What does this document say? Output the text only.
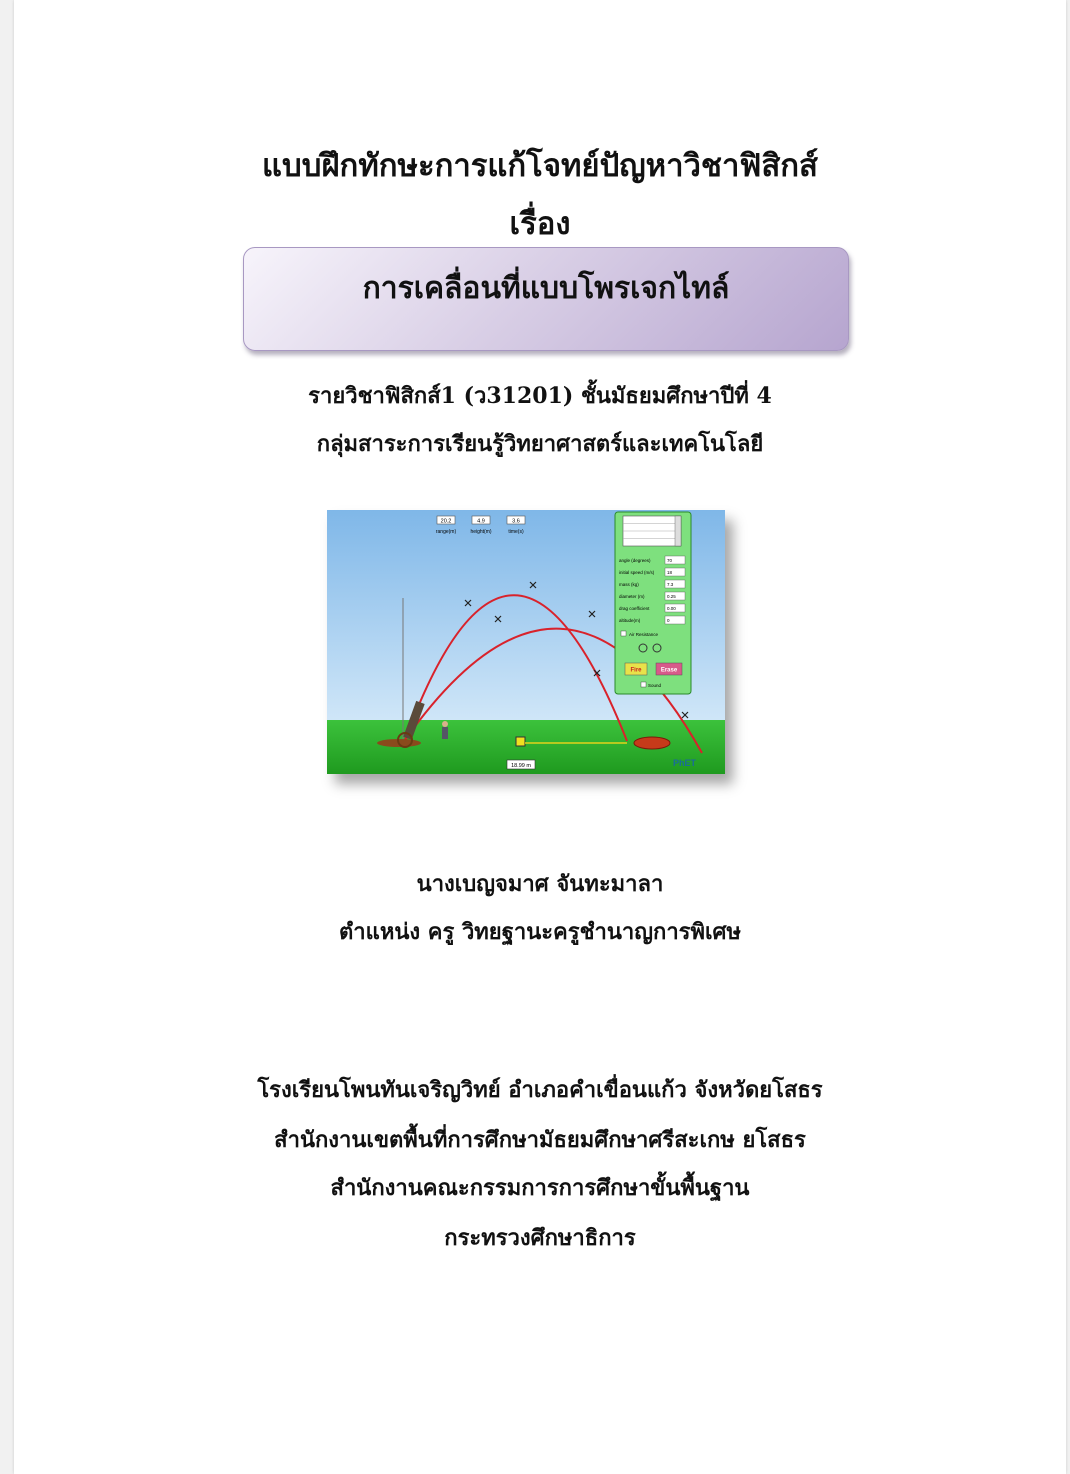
แบบฝึกทักษะการแก้โจทย์ปัญหาวิชาฟิสิกส์
เรื่อง
การเคลื่อนที่แบบโพรเจกไทล์
รายวิชาฟิสิกส์1 (ว31201) ชั้นมัธยมศึกษาปีที่ 4
กลุ่มสาระการเรียนรู้วิทยาศาสตร์และเทคโนโลยี
20.2
range(m)
4.9
height(m)
3.6
time(s)
18.99 m	PhET
angle (degrees)	70
initial speed (m/s)	18
mass (kg)	7.3
diameter (m)	0.25
drag coefficient	0.00
altitude(m)	0
Air Resistance
Fire	Erase
Sound
นางเบญจมาศ จันทะมาลา
ตำแหน่ง ครู วิทยฐานะครูชำนาญการพิเศษ
โรงเรียนโพนทันเจริญวิทย์ อำเภอคำเขื่อนแก้ว จังหวัดยโสธร
สำนักงานเขตพื้นที่การศึกษามัธยมศึกษาศรีสะเกษ ยโสธร
สำนักงานคณะกรรมการการศึกษาขั้นพื้นฐาน
กระทรวงศึกษาธิการ
